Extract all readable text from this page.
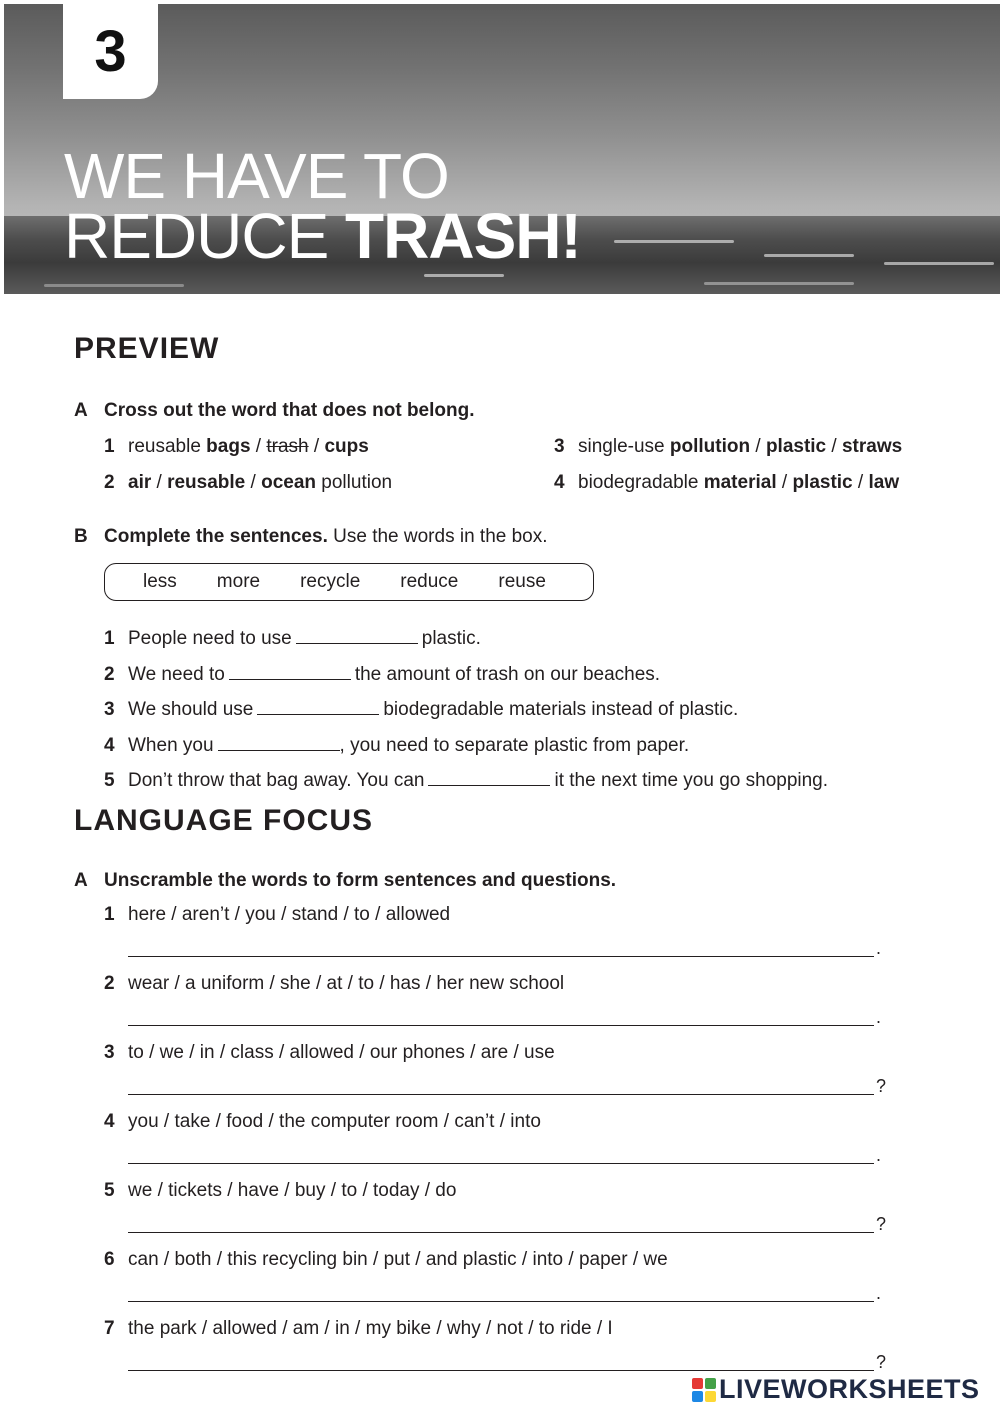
3
WE HAVE TO
REDUCE TRASH!
PREVIEW
A Cross out the word that does not belong.
1 reusable bags / trash / cups
2 air / reusable / ocean pollution
3 single-use pollution / plastic / straws
4 biodegradable material / plastic / law
B Complete the sentences. Use the words in the box.
less more recycle reduce reuse
1 People need to use	plastic.
2 We need to	the amount of trash on our beaches.
3 We should use	biodegradable materials instead of plastic.
4 When you	, you need to separate plastic from paper.
5 Don’t throw that bag away. You can	it the next time you go shopping.
LANGUAGE FOCUS
A Unscramble the words to form sentences and questions.
1 here / aren’t / you / stand / to / allowed
.
2 wear / a uniform / she / at / to / has / her new school
.
3 to / we / in / class / allowed / our phones / are / use
?
4 you / take / food / the computer room / can’t / into
.
5 we / tickets / have / buy / to / today / do
?
6 can / both / this recycling bin / put / and plastic / into / paper / we
.
7 the park / allowed / am / in / my bike / why / not / to ride / I
?
LIVEWORKSHEETS
